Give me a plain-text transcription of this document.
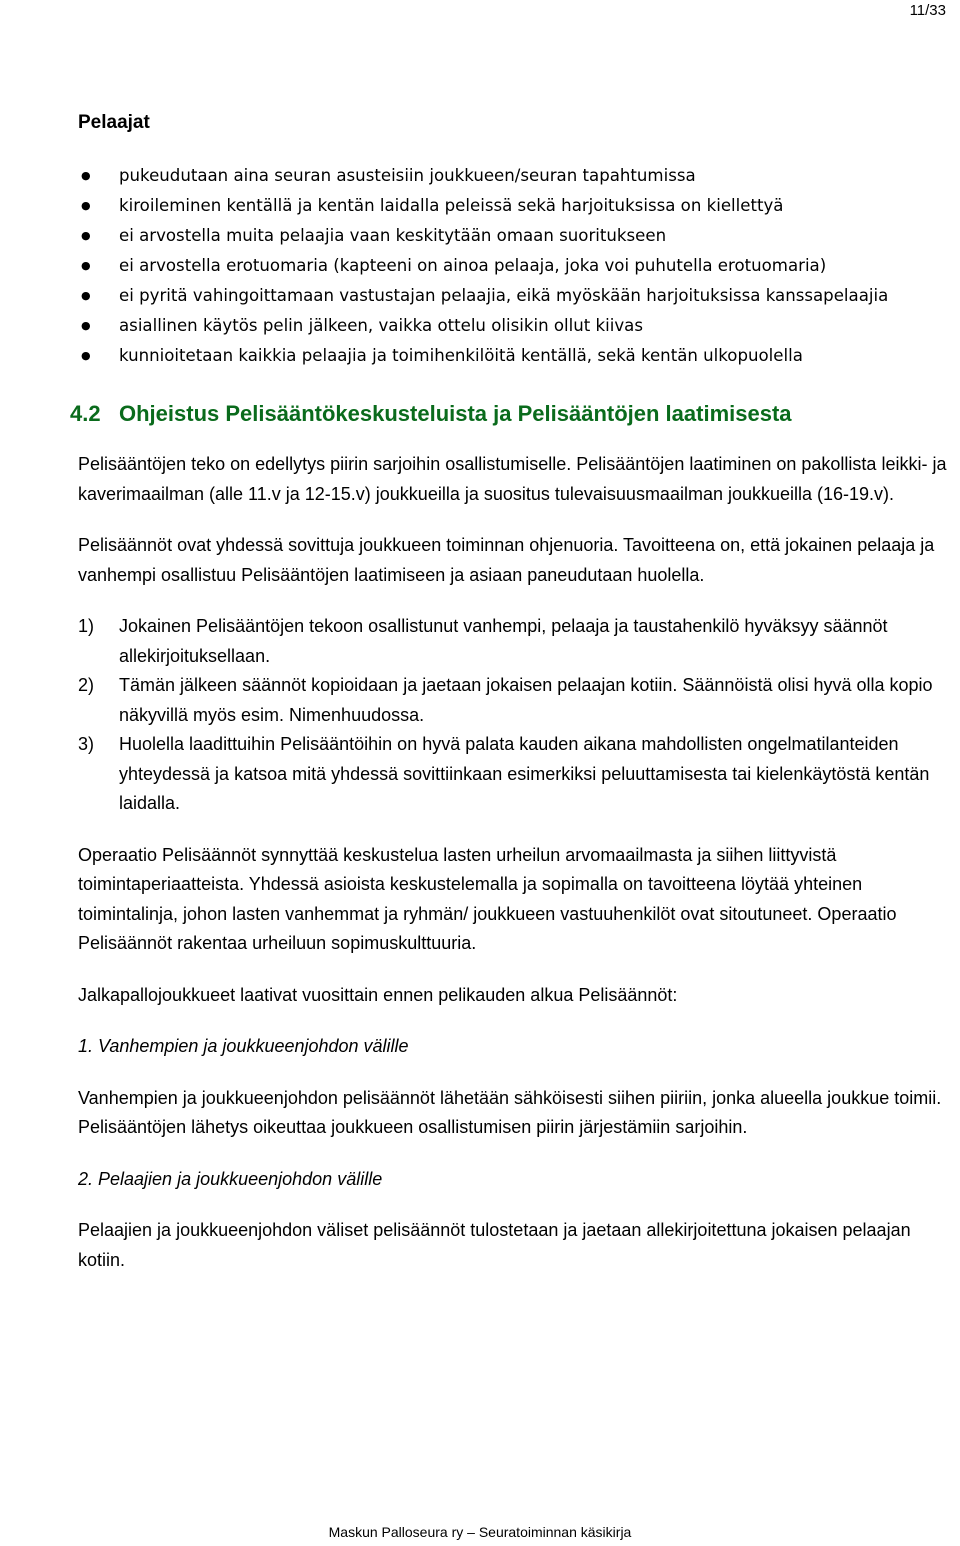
11/33
Pelaajat
● pukeudutaan aina seuran asusteisiin joukkueen/seuran tapahtumissa
● kiroileminen kentällä ja kentän laidalla peleissä sekä harjoituksissa on kiellettyä
● ei arvostella muita pelaajia vaan keskitytään omaan suoritukseen
● ei arvostella erotuomaria (kapteeni on ainoa pelaaja, joka voi puhutella erotuomaria)
● ei pyritä vahingoittamaan vastustajan pelaajia, eikä myöskään harjoituksissa kanssapelaajia
● asiallinen käytös pelin jälkeen, vaikka ottelu olisikin ollut kiivas
● kunnioitetaan kaikkia pelaajia ja toimihenkilöitä kentällä, sekä kentän ulkopuolella
4.2 Ohjeistus Pelisääntökeskusteluista ja Pelisääntöjen laatimisesta

Pelisääntöjen teko on edellytys piirin sarjoihin osallistumiselle. Pelisääntöjen laatiminen on pakollista leikki- ja kaverimaailman (alle 11.v ja 12-15.v) joukkueilla ja suositus tulevaisuusmaailman joukkueilla (16-19.v).

Pelisäännöt ovat yhdessä sovittuja joukkueen toiminnan ohjenuoria. Tavoitteena on, että jokainen pelaaja ja vanhempi osallistuu Pelisääntöjen laatimiseen ja asiaan paneudutaan huolella.

1) Jokainen Pelisääntöjen tekoon osallistunut vanhempi, pelaaja ja taustahenkilö hyväksyy säännöt allekirjoituksellaan.
2) Tämän jälkeen säännöt kopioidaan ja jaetaan jokaisen pelaajan kotiin. Säännöistä olisi hyvä olla kopio näkyvillä myös esim. Nimenhuudossa.
3) Huolella laadittuihin Pelisääntöihin on hyvä palata kauden aikana mahdollisten ongelmatilanteiden yhteydessä ja katsoa mitä yhdessä sovittiinkaan esimerkiksi peluuttamisesta tai kielenkäytöstä kentän laidalla.

Operaatio Pelisäännöt synnyttää keskustelua lasten urheilun arvomaailmasta ja siihen liittyvistä toimintaperiaatteista. Yhdessä asioista keskustelemalla ja sopimalla on tavoitteena löytää yhteinen toimintalinja, johon lasten vanhemmat ja ryhmän/ joukkueen vastuuhenkilöt ovat sitoutuneet. Operaatio Pelisäännöt rakentaa urheiluun sopimuskulttuuria.

Jalkapallojoukkueet laativat vuosittain ennen pelikauden alkua Pelisäännöt:

1. Vanhempien ja joukkueenjohdon välille

Vanhempien ja joukkueenjohdon pelisäännöt lähetään sähköisesti siihen piiriin, jonka alueella joukkue toimii. Pelisääntöjen lähetys oikeuttaa joukkueen osallistumisen piirin järjestämiin sarjoihin.

2. Pelaajien ja joukkueenjohdon välille

Pelaajien ja joukkueenjohdon väliset pelisäännöt tulostetaan ja jaetaan allekirjoitettuna jokaisen pelaajan kotiin.

Maskun Palloseura ry – Seuratoiminnan käsikirja
